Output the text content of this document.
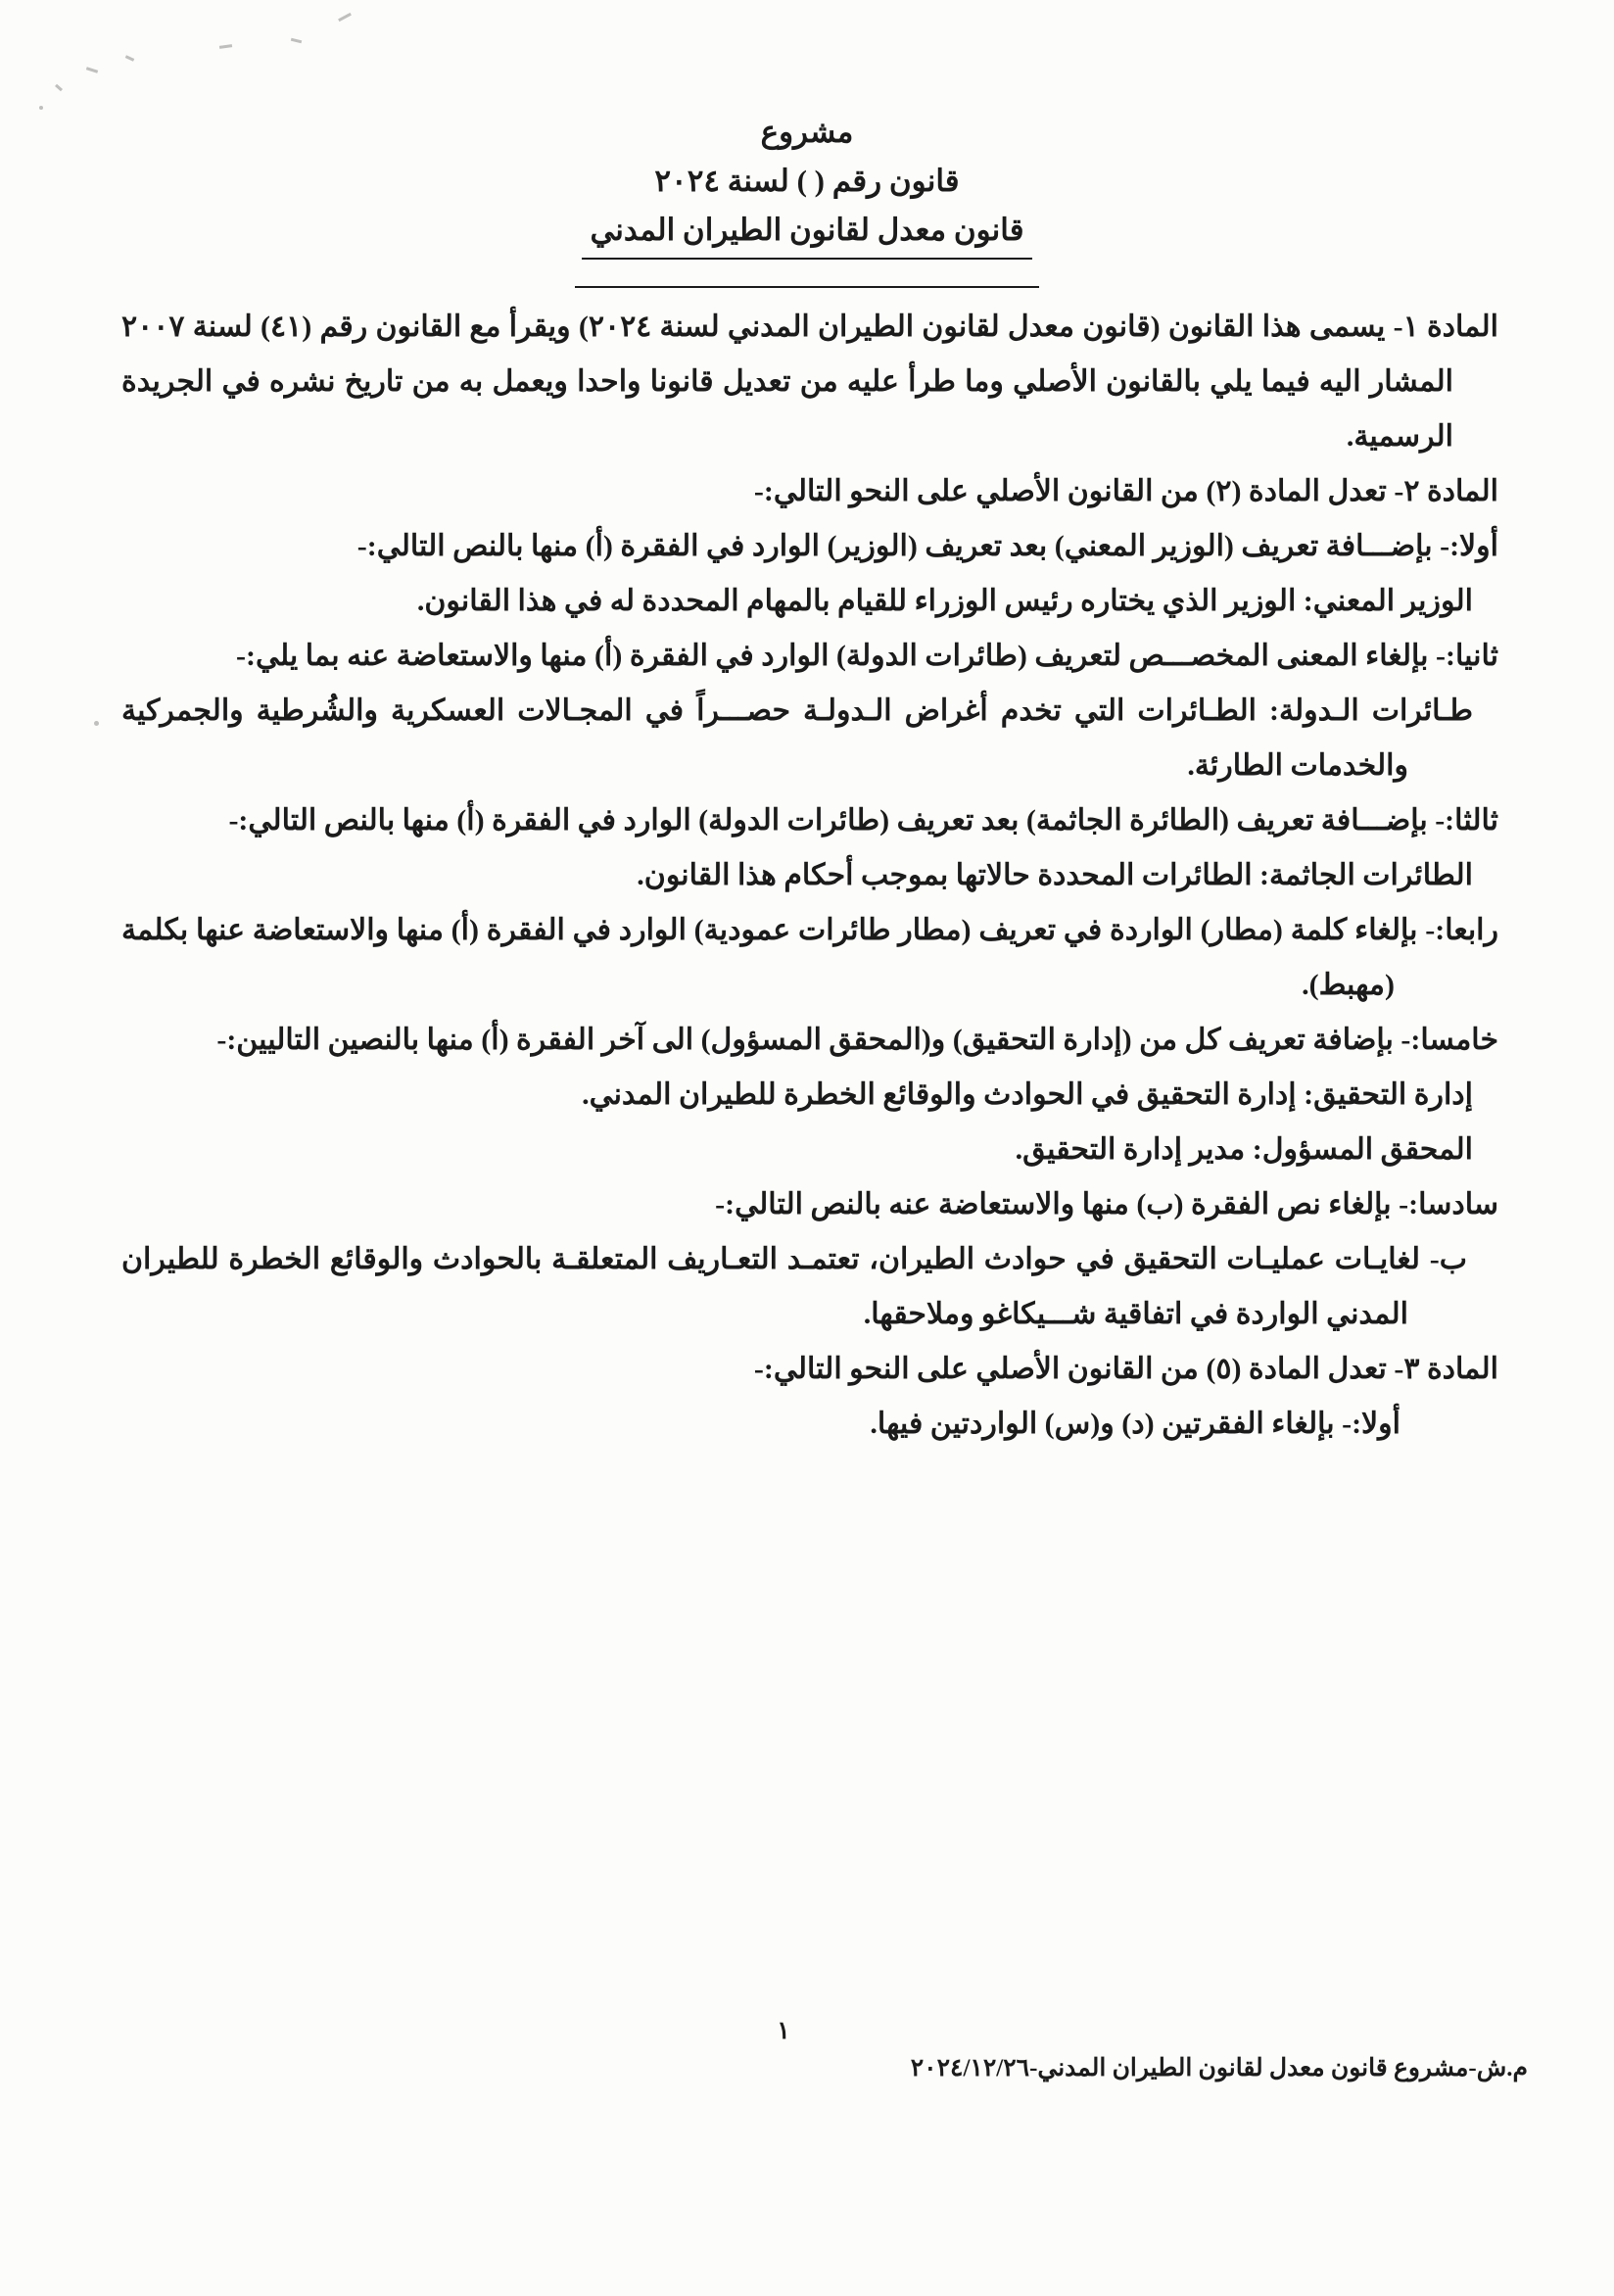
مشروع
قانون رقم ( ) لسنة ٢٠٢٤
قانون معدل لقانون الطيران المدني

المادة ١- يسمى هذا القانون (قانون معدل لقانون الطيران المدني لسنة ٢٠٢٤) ويقرأ مع القانون رقم (٤١) لسنة ٢٠٠٧ المشار اليه فيما يلي بالقانون الأصلي وما طرأ عليه من تعديل قانونا واحدا ويعمل به من تاريخ نشره في الجريدة الرسمية.

المادة ٢- تعدل المادة (٢) من القانون الأصلي على النحو التالي:-

أولا:- بإضـــافة تعريف (الوزير المعني) بعد تعريف (الوزير) الوارد في الفقرة (أ) منها بالنص التالي:-

الوزير المعني: الوزير الذي يختاره رئيس الوزراء للقيام بالمهام المحددة له في هذا القانون.

ثانيا:- بإلغاء المعنى المخصـــص لتعريف (طائرات الدولة) الوارد في الفقرة (أ) منها والاستعاضة عنه بما يلي:-

طـائرات الـدولة: الطـائرات التي تخدم أغراض الـدولـة حصـــراً في المجـالات العسكرية والشُرطية والجمركية والخدمات الطارئة.

ثالثا:- بإضـــافة تعريف (الطائرة الجاثمة) بعد تعريف (طائرات الدولة) الوارد في الفقرة (أ) منها بالنص التالي:-

الطائرات الجاثمة: الطائرات المحددة حالاتها بموجب أحكام هذا القانون.

رابعا:- بإلغاء كلمة (مطار) الواردة في تعريف (مطار طائرات عمودية) الوارد في الفقرة (أ) منها والاستعاضة عنها بكلمة (مهبط).

خامسا:- بإضافة تعريف كل من (إدارة التحقيق) و(المحقق المسؤول) الى آخر الفقرة (أ) منها بالنصين التاليين:-

إدارة التحقيق: إدارة التحقيق في الحوادث والوقائع الخطرة للطيران المدني.

المحقق المسؤول: مدير إدارة التحقيق.

سادسا:- بإلغاء نص الفقرة (ب) منها والاستعاضة عنه بالنص التالي:-

ب- لغايـات عمليـات التحقيق في حوادث الطيران، تعتمـد التعـاريف المتعلقـة بالحوادث والوقائع الخطرة للطيران المدني الواردة في اتفاقية شـــيكاغو وملاحقها.

المادة ٣- تعدل المادة (٥) من القانون الأصلي على النحو التالي:-

أولا:- بإلغاء الفقرتين (د) و(س) الواردتين فيها.

١
م.ش-مشروع قانون معدل لقانون الطيران المدني-٢٠٢٤/١٢/٢٦
